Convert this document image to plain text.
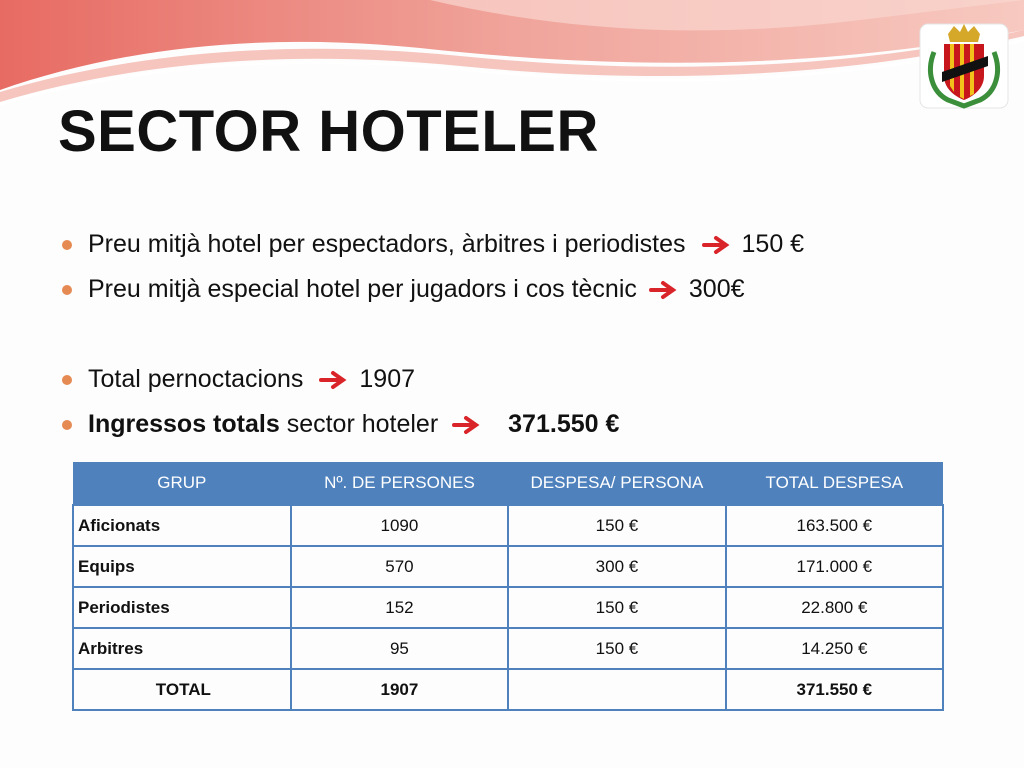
SECTOR HOTELER
Preu mitjà hotel per espectadors, àrbitres i periodistes 150 €
Preu mitjà especial hotel per jugadors i cos tècnic 300€
Total pernoctacions 1907
Ingressos totals
sector hoteler	371.550 €
GRUP	Nº. DE PERSONES	DESPESA/ PERSONA	TOTAL DESPESA
Aficionats	1090	150 €	163.500 €
Equips	570	300 €	171.000 €
Periodistes	152	150 €	22.800 €
Arbitres	95	150 €	14.250 €
TOTAL	1907		371.550 €
